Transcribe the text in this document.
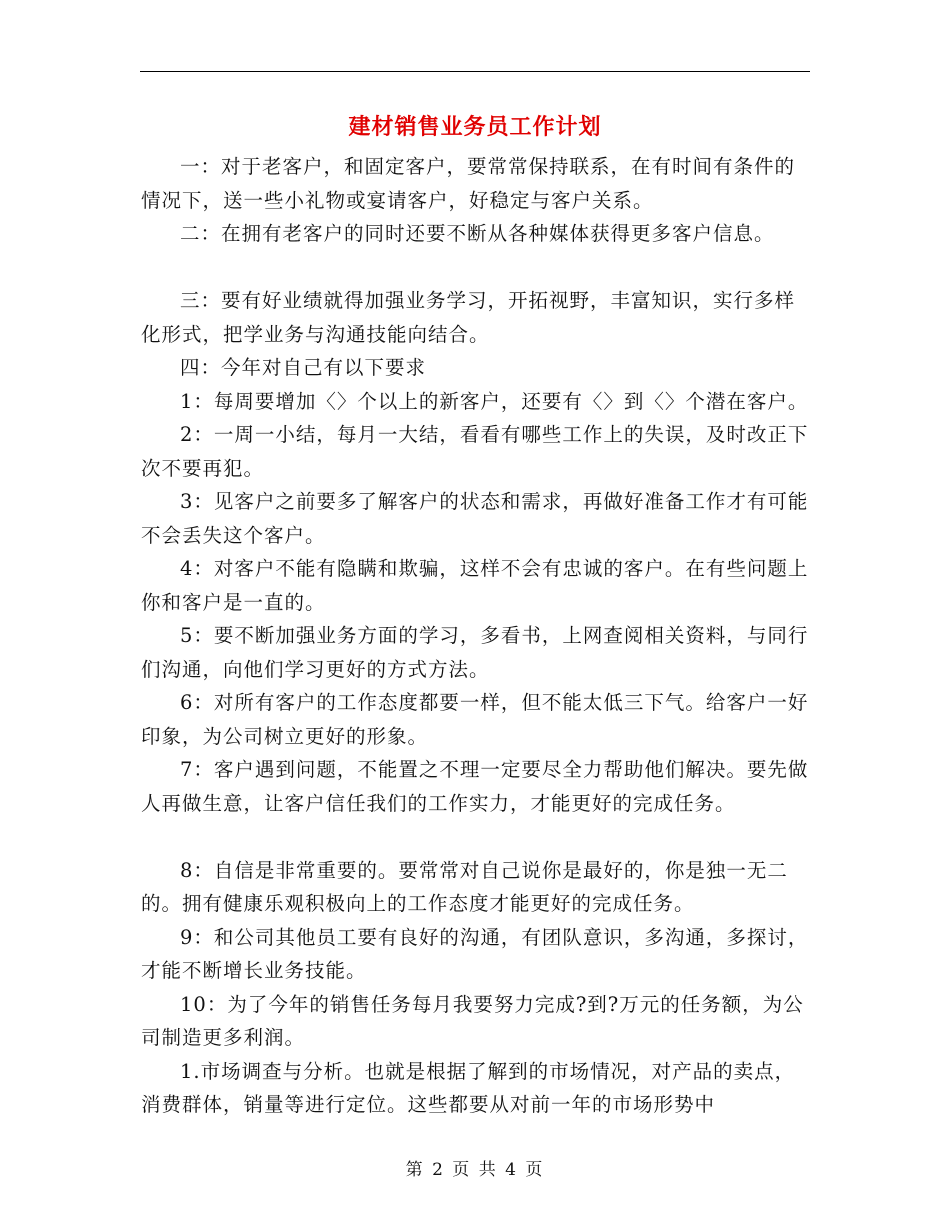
建材销售业务员工作计划

一：对于老客户，和固定客户，要常常保持联系，在有时间有条件的情况下，送一些小礼物或宴请客户，好稳定与客户关系。

二：在拥有老客户的同时还要不断从各种媒体获得更多客户信息。

三：要有好业绩就得加强业务学习，开拓视野，丰富知识，实行多样化形式，把学业务与沟通技能向结合。

四：今年对自己有以下要求

1：每周要增加〈〉个以上的新客户，还要有〈〉到〈〉个潜在客户。

2：一周一小结，每月一大结，看看有哪些工作上的失误，及时改正下次不要再犯。

3：见客户之前要多了解客户的状态和需求，再做好准备工作才有可能不会丢失这个客户。

4：对客户不能有隐瞒和欺骗，这样不会有忠诚的客户。在有些问题上你和客户是一直的。

5：要不断加强业务方面的学习，多看书，上网查阅相关资料，与同行们沟通，向他们学习更好的方式方法。

6：对所有客户的工作态度都要一样，但不能太低三下气。给客户一好印象，为公司树立更好的形象。

7：客户遇到问题，不能置之不理一定要尽全力帮助他们解决。要先做人再做生意，让客户信任我们的工作实力，才能更好的完成任务。

8：自信是非常重要的。要常常对自己说你是最好的，你是独一无二的。拥有健康乐观积极向上的工作态度才能更好的完成任务。

9：和公司其他员工要有良好的沟通，有团队意识，多沟通，多探讨，才能不断增长业务技能。

10：为了今年的销售任务每月我要努力完成?到?万元的任务额，为公司制造更多利润。

1.市场调查与分析。也就是根据了解到的市场情况，对产品的卖点，消费群体，销量等进行定位。这些都要从对前一年的市场形势中

第 2 页 共 4 页
